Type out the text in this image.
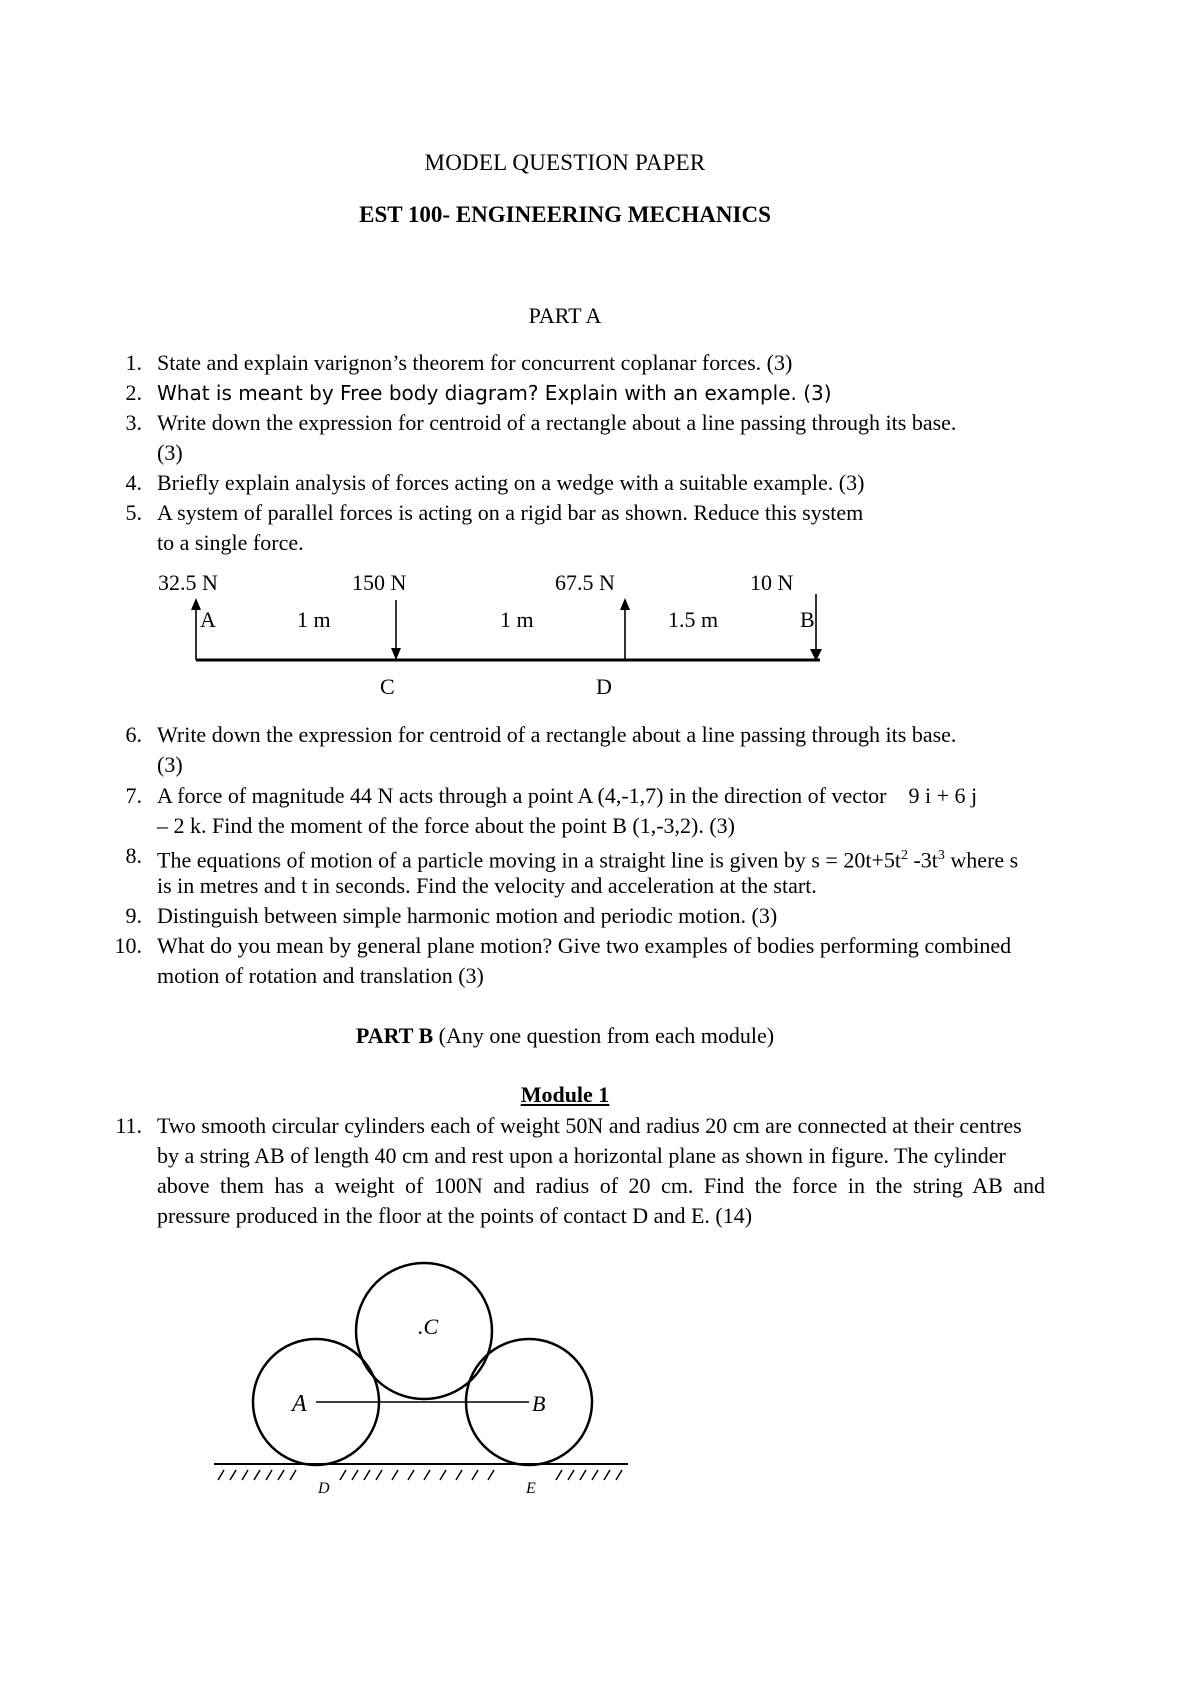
MODEL QUESTION PAPER
EST 100- ENGINEERING MECHANICS
PART A
1. State and explain varignon’s theorem for concurrent coplanar forces. (3)
2. What is meant by Free body diagram? Explain with an example. (3)
3. Write down the expression for centroid of a rectangle about a line passing through its base.
(3)
4. Briefly explain analysis of forces acting on a wedge with a suitable example. (3)
5. A system of parallel forces is acting on a rigid bar as shown. Reduce this system
to a single force.
32.5 N	150 N	67.5 N	10 N
A	1 m	1 m	1.5 m	B
C	D
6. Write down the expression for centroid of a rectangle about a line passing through its base.
(3)
7. A force of magnitude 44 N acts through a point A (4,-1,7) in the direction of vector    9 i + 6 j
– 2 k. Find the moment of the force about the point B (1,-3,2). (3)
8. The equations of motion of a particle moving in a straight line is given by $s = 20t+5t^2$ $-3t^3$ where s
is in metres and t in seconds. Find the velocity and acceleration at the start.
9. Distinguish between simple harmonic motion and periodic motion. (3)
10. What do you mean by general plane motion? Give two examples of bodies performing combined
motion of rotation and translation (3)
PART B (Any one question from each module)
Module 1
11. Two smooth circular cylinders each of weight 50N and radius 20 cm are connected at their centres
by a string AB of length 40 cm and rest upon a horizontal plane as shown in figure. The cylinder
above them has a weight of 100N and radius of 20 cm. Find the force in the string AB and
pressure produced in the floor at the points of contact D and E. (14)
A	B
.C
D	E
